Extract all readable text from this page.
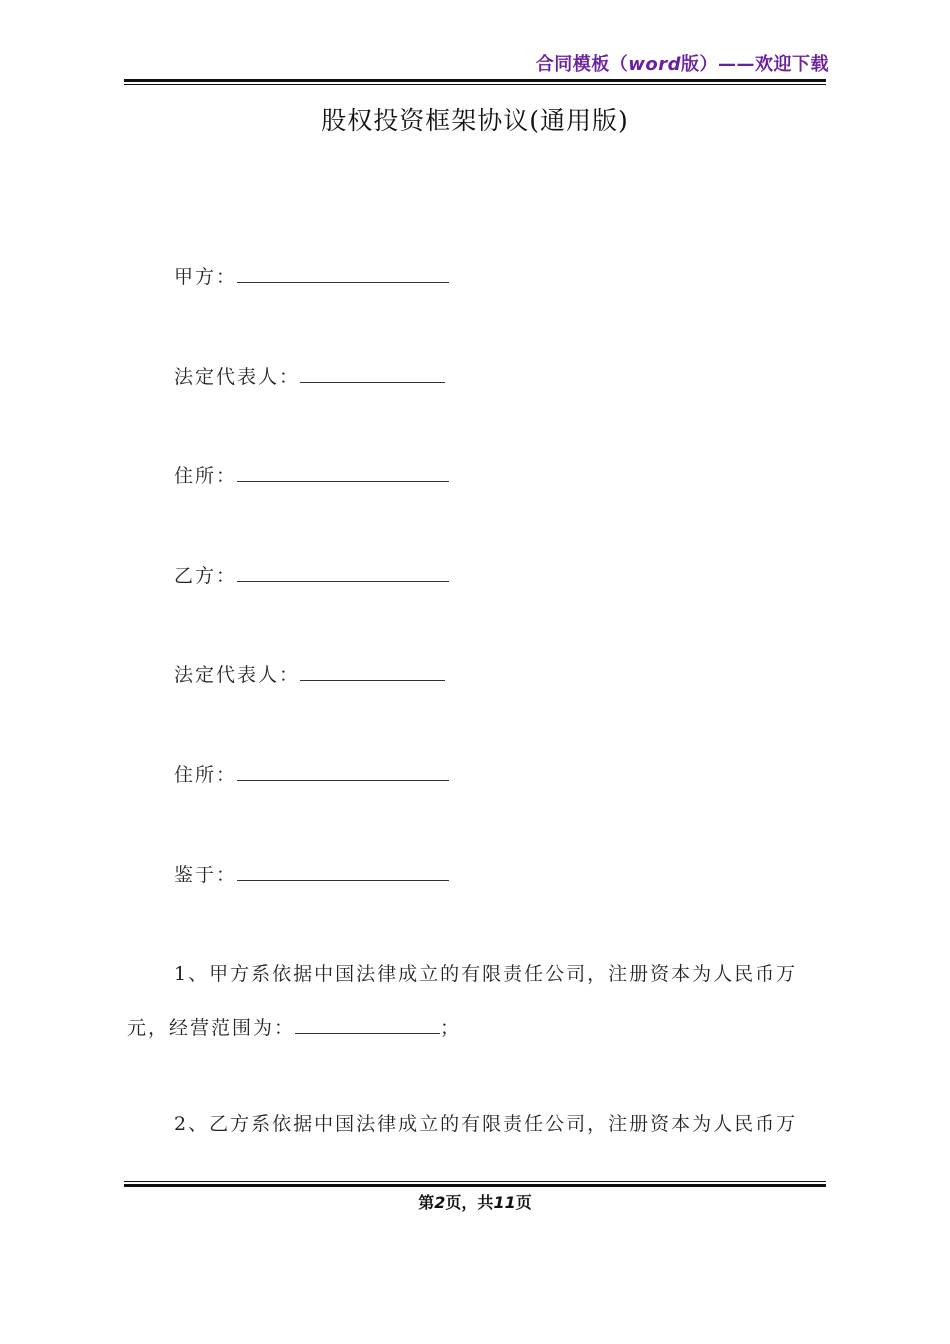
合同模板（word版）——欢迎下载
股权投资框架协议(通用版)
甲方：
法定代表人：
住所：
乙方：
法定代表人：
住所：
鉴于：
1、甲方系依据中国法律成立的有限责任公司，注册资本为人民币万
元，经营范围为：	；
2、乙方系依据中国法律成立的有限责任公司，注册资本为人民币万
第2页，共11页
